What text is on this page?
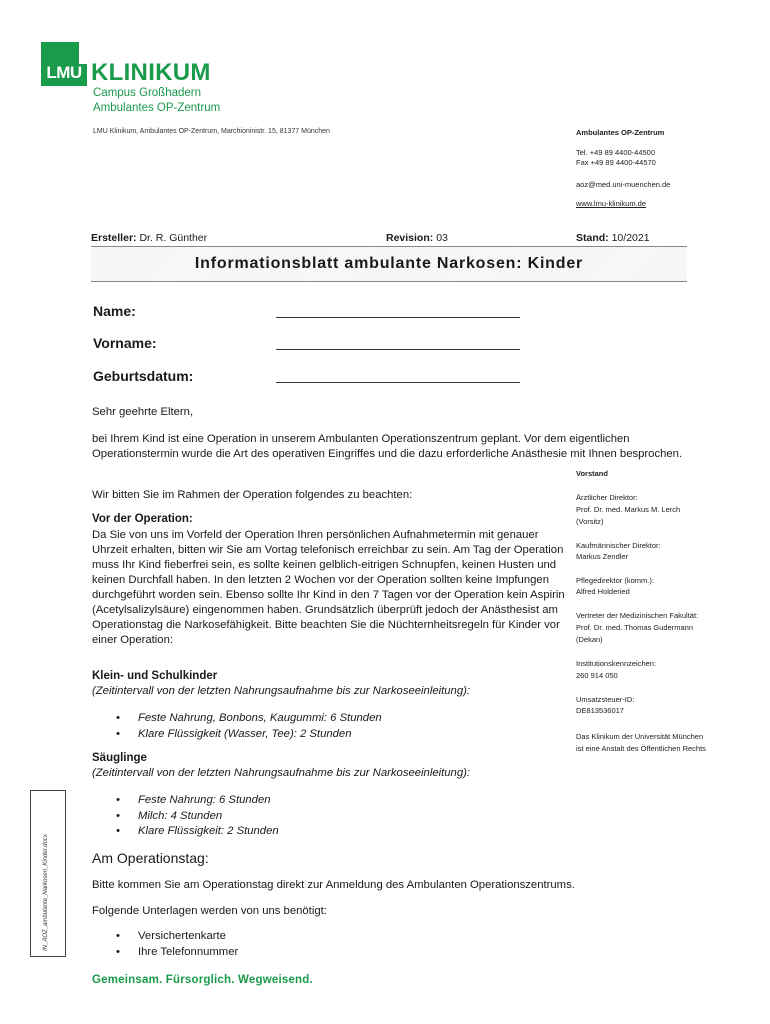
LMU KLINIKUM
Campus Großhadern
Ambulantes OP-Zentrum
LMU Klinikum, Ambulantes OP-Zentrum, Marchioninistr. 15, 81377 München	Ambulantes OP-Zentrum
Tel. +49 89 4400-44500
Fax +49 89 4400-44570
aoz@med.uni-muenchen.de
www.lmu-klinikum.de
Ersteller: Dr. R. Günther	Revision: 03	Stand: 10/2021
Informationsblatt ambulante Narkosen: Kinder
Name:
Vorname:
Geburtsdatum:
Sehr geehrte Eltern,
bei Ihrem Kind ist eine Operation in unserem Ambulanten Operationszentrum geplant. Vor dem eigentlichen Operationstermin wurde die Art des operativen Eingriffes und die dazu erforderliche Anästhesie mit Ihnen besprochen.
Wir bitten Sie im Rahmen der Operation folgendes zu beachten:
Vor der Operation:
Da Sie von uns im Vorfeld der Operation Ihren persönlichen Aufnahmetermin mit genauer Uhrzeit erhalten, bitten wir Sie am Vortag telefonisch erreichbar zu sein. Am Tag der Operation muss Ihr Kind fieberfrei sein, es sollte keinen gelblich-eitrigen Schnupfen, keinen Husten und keinen Durchfall haben. In den letzten 2 Wochen vor der Operation sollten keine Impfungen durchgeführt worden sein. Ebenso sollte Ihr Kind in den 7 Tagen vor der Operation kein Aspirin (Acetylsalizylsäure) eingenommen haben. Grundsätzlich überprüft jedoch der Anästhesist am Operationstag die Narkosefähigkeit. Bitte beachten Sie die Nüchternheitsregeln für Kinder vor einer Operation:
Klein- und Schulkinder
(Zeitintervall von der letzten Nahrungsaufnahme bis zur Narkoseeinleitung):
• Feste Nahrung, Bonbons, Kaugummi: 6 Stunden
• Klare Flüssigkeit (Wasser, Tee): 2 Stunden
Säuglinge
(Zeitintervall von der letzten Nahrungsaufnahme bis zur Narkoseeinleitung):
• Feste Nahrung: 6 Stunden
• Milch: 4 Stunden
• Klare Flüssigkeit: 2 Stunden
Am Operationstag:
Bitte kommen Sie am Operationstag direkt zur Anmeldung des Ambulanten Operationszentrums.
Folgende Unterlagen werden von uns benötigt:
• Versichertenkarte
• Ihre Telefonnummer
Vorstand
Ärztlicher Direktor:
Prof. Dr. med. Markus M. Lerch
(Vorsitz)
Kaufmännischer Direktor:
Markus Zendler
Pflegedirektor (komm.):
Alfred Holderied
Vertreter der Medizinischen Fakultät:
Prof. Dr. med. Thomas Gudermann
(Dekan)
Institutionskennzeichen:
260 914 050
Umsatzsteuer-ID:
DE813536017
Das Klinikum der Universität München ist eine Anstalt des Öffentlichen Rechts
IN_AOZ_ambulante_Narkosen_Kinder.docx
Gemeinsam. Fürsorglich. Wegweisend.
